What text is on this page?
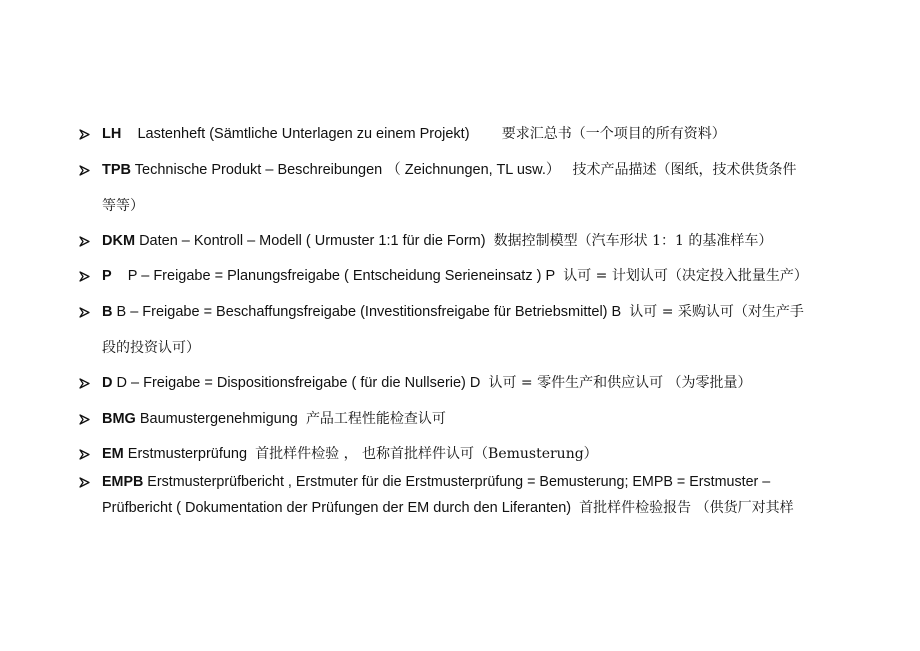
LH Lastenheft (Sämtliche Unterlagen zu einem Projekt) 要求汇总书（一个项目的所有资料）
TPB Technische Produkt – Beschreibungen （ Zeichnungen, TL usw.） 技术产品描述（图纸，技术供货条件
等等）
DKM Daten – Kontroll – Modell ( Urmuster 1:1 für die Form) 数据控制模型（汽车形状 1：1 的基准样车）
P P – Freigabe = Planungsfreigabe ( Entscheidung Serieneinsatz ) P 认可 = 计划认可（决定投入批量生产）
B B – Freigabe = Beschaffungsfreigabe (Investitionsfreigabe für Betriebsmittel) B 认可 = 采购认可（对生产手
段的投资认可）
D D – Freigabe = Dispositionsfreigabe ( für die Nullserie) D 认可 = 零件生产和供应认可 （为零批量）
BMG Baumustergenehmigung 产品工程性能检查认可
EM Erstmusterprüfung 首批样件检验 ， 也称首批样件认可（Bemusterung）
EMPB Erstmusterprüfbericht , Erstmuter für die Erstmusterprüfung = Bemusterung; EMPB = Erstmuster –
Prüfbericht ( Dokumentation der Prüfungen der EM durch den Liferanten) 首批样件检验报告 （供货厂对其样
